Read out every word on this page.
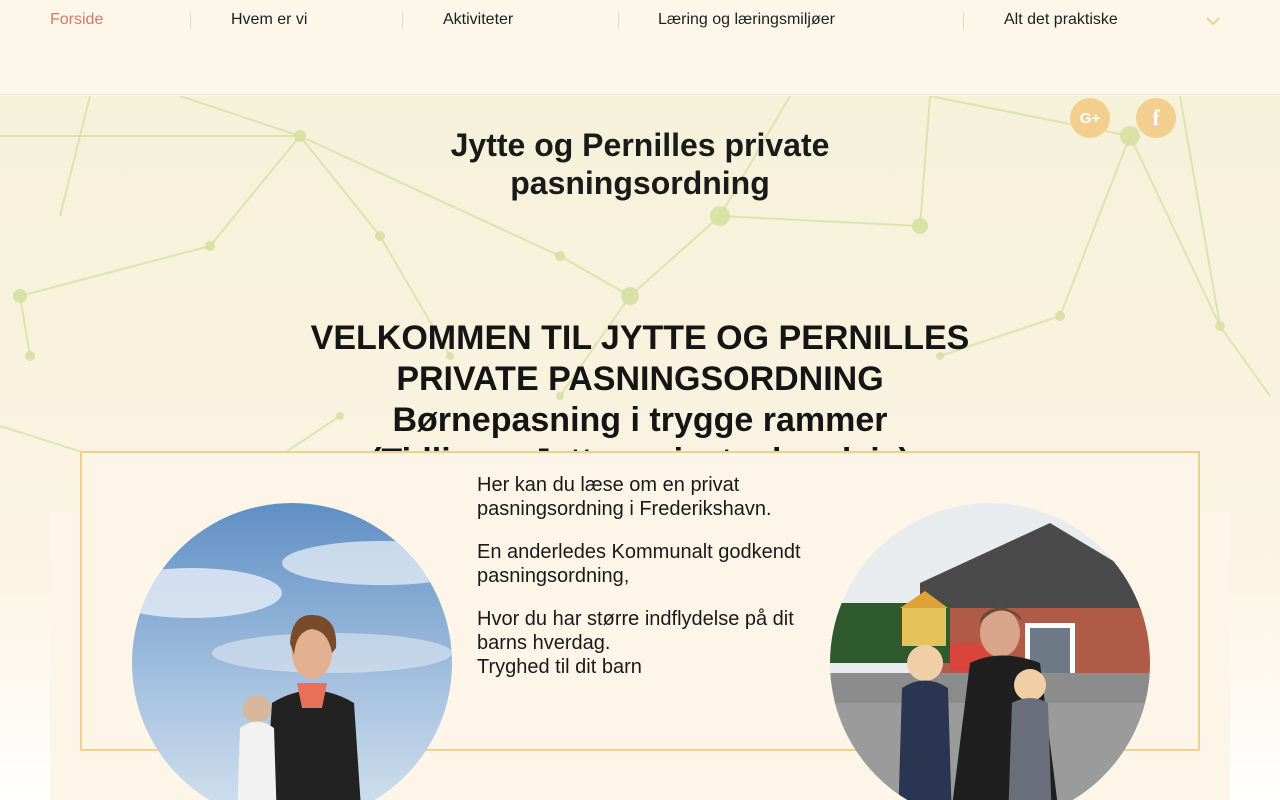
Forside	Hvem er vi	Aktiviteter	Læring og læringsmiljøer	Alt det praktiske
G+ f
Jytte og Pernilles private
pasningsordning
VELKOMMEN TIL JYTTE OG PERNILLES
PRIVATE PASNINGSORDNING
Børnepasning i trygge rammer

Her kan du læse om en privat pasningsordning i Frederikshavn.

En anderledes Kommunalt godkendt pasningsordning,

Hvor du har større indflydelse på dit barns hverdag.

Tryghed til dit barn
